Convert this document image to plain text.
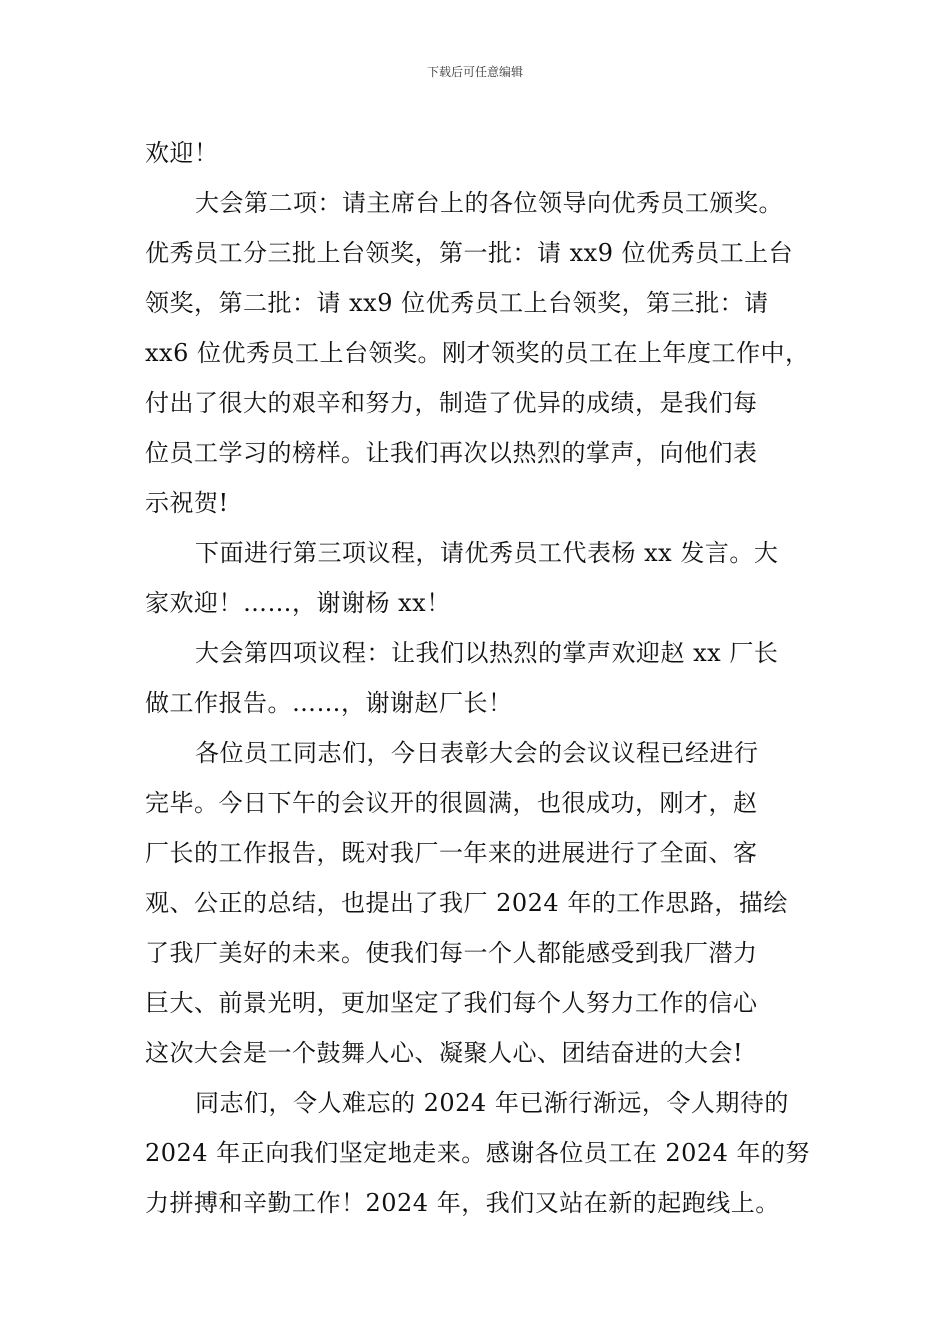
下载后可任意编辑
欢迎！
大会第二项：请主席台上的各位领导向优秀员工颁奖。
优秀员工分三批上台领奖，第一批：请 xx9 位优秀员工上台
领奖，第二批：请 xx9 位优秀员工上台领奖，第三批：请
xx6 位优秀员工上台领奖。刚才领奖的员工在上年度工作中，
付出了很大的艰辛和努力，制造了优异的成绩，是我们每
位员工学习的榜样。让我们再次以热烈的掌声，向他们表
示祝贺!
下面进行第三项议程，请优秀员工代表杨 xx 发言。大
家欢迎！……，谢谢杨 xx！
大会第四项议程：让我们以热烈的掌声欢迎赵 xx 厂长
做工作报告。……，谢谢赵厂长！
各位员工同志们，今日表彰大会的会议议程已经进行
完毕。今日下午的会议开的很圆满，也很成功，刚才，赵
厂长的工作报告，既对我厂一年来的进展进行了全面、客
观、公正的总结，也提出了我厂 2024 年的工作思路，描绘
了我厂美好的未来。使我们每一个人都能感受到我厂潜力
巨大、前景光明，更加坚定了我们每个人努力工作的信心
这次大会是一个鼓舞人心、凝聚人心、团结奋进的大会!
同志们，令人难忘的 2024 年已渐行渐远，令人期待的
2024 年正向我们坚定地走来。感谢各位员工在 2024 年的努
力拼搏和辛勤工作！2024 年，我们又站在新的起跑线上。
